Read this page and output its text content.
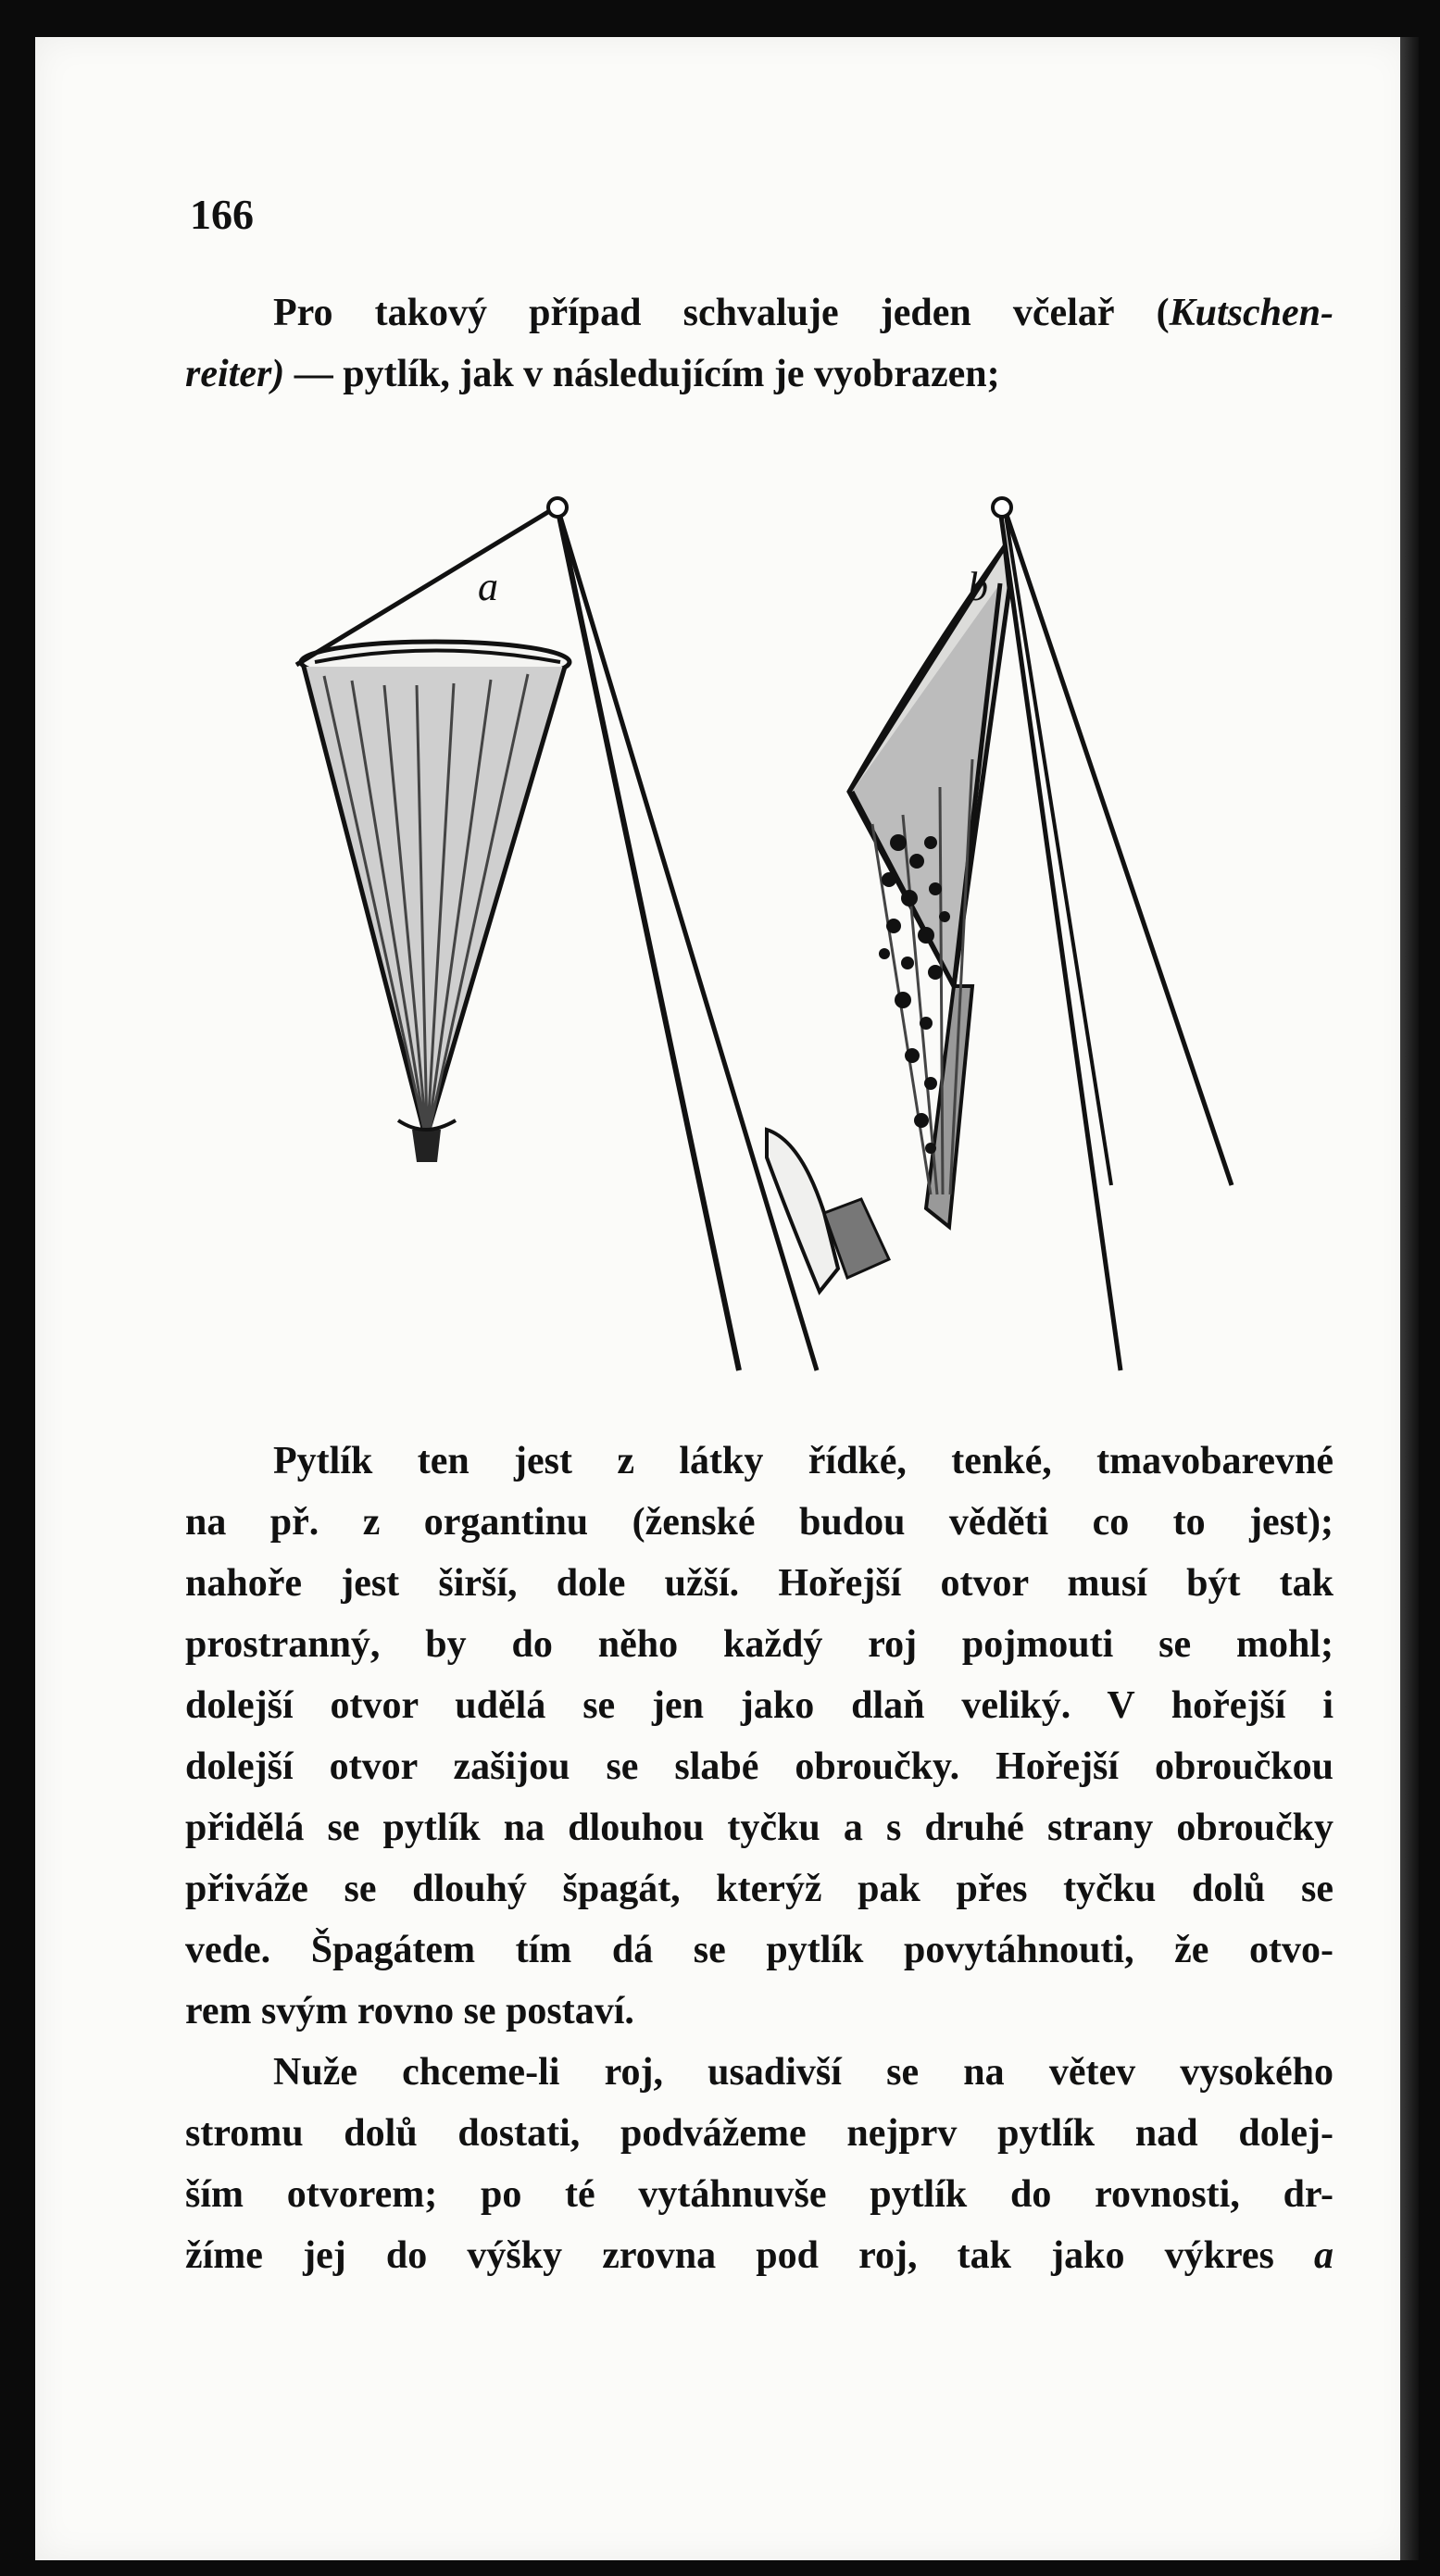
166
Pro takový případ schvaluje jeden včelař (Kutschen-
reiter) — pytlík, jak v následujícím je vyobrazen;
a	b
Pytlík ten jest z látky řídké, tenké, tmavobarevné
na př. z organtinu (ženské budou věděti co to jest);
nahoře jest širší, dole užší. Hořejší otvor musí být tak
prostranný, by do něho každý roj pojmouti se mohl;
dolejší otvor udělá se jen jako dlaň veliký. V hořejší i
dolejší otvor zašijou se slabé obroučky. Hořejší obroučkou
přidělá se pytlík na dlouhou tyčku a s druhé strany obroučky
přiváže se dlouhý špagát, kterýž pak přes tyčku dolů se
vede. Špagátem tím dá se pytlík povytáhnouti, že otvo-
rem svým rovno se postaví.
Nuže chceme-li roj, usadivší se na větev vysokého
stromu dolů dostati, podvážeme nejprv pytlík nad dolej-
ším otvorem; po té vytáhnuvše pytlík do rovnosti, dr-
žíme jej do výšky zrovna pod roj, tak jako výkres a
